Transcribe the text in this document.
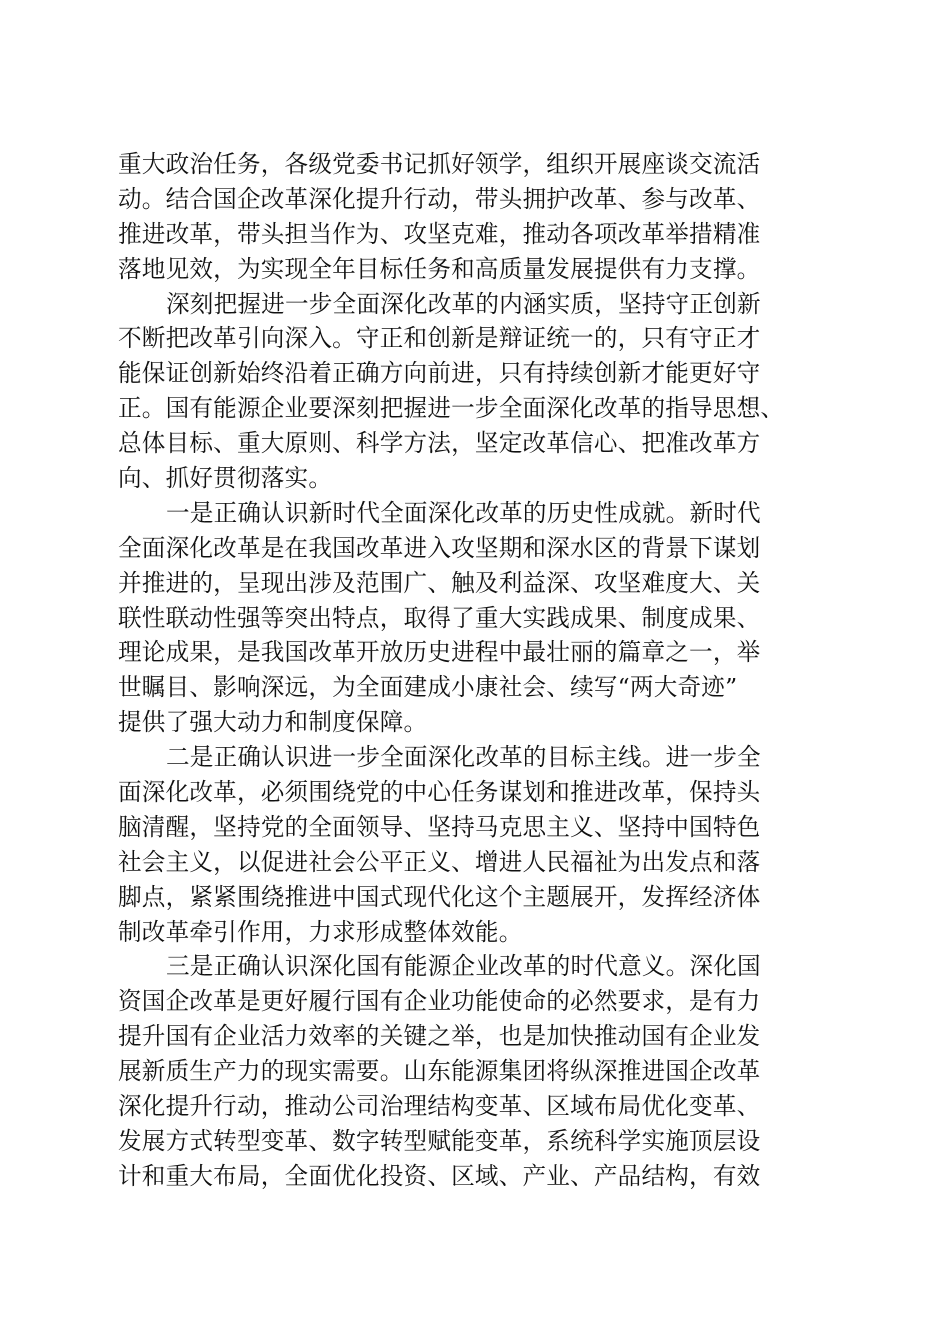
重大政治任务，各级党委书记抓好领学，组织开展座谈交流活
动。结合国企改革深化提升行动，带头拥护改革、参与改革、
推进改革，带头担当作为、攻坚克难，推动各项改革举措精准
落地见效，为实现全年目标任务和高质量发展提供有力支撑。
深刻把握进一步全面深化改革的内涵实质，坚持守正创新
不断把改革引向深入。守正和创新是辩证统一的，只有守正才
能保证创新始终沿着正确方向前进，只有持续创新才能更好守
正。国有能源企业要深刻把握进一步全面深化改革的指导思想、
总体目标、重大原则、科学方法，坚定改革信心、把准改革方
向、抓好贯彻落实。
一是正确认识新时代全面深化改革的历史性成就。新时代
全面深化改革是在我国改革进入攻坚期和深水区的背景下谋划
并推进的，呈现出涉及范围广、触及利益深、攻坚难度大、关
联性联动性强等突出特点，取得了重大实践成果、制度成果、
理论成果，是我国改革开放历史进程中最壮丽的篇章之一，举
世瞩目、影响深远，为全面建成小康社会、续写“两大奇迹”
提供了强大动力和制度保障。
二是正确认识进一步全面深化改革的目标主线。进一步全
面深化改革，必须围绕党的中心任务谋划和推进改革，保持头
脑清醒，坚持党的全面领导、坚持马克思主义、坚持中国特色
社会主义，以促进社会公平正义、增进人民福祉为出发点和落
脚点，紧紧围绕推进中国式现代化这个主题展开，发挥经济体
制改革牵引作用，力求形成整体效能。
三是正确认识深化国有能源企业改革的时代意义。深化国
资国企改革是更好履行国有企业功能使命的必然要求，是有力
提升国有企业活力效率的关键之举，也是加快推动国有企业发
展新质生产力的现实需要。山东能源集团将纵深推进国企改革
深化提升行动，推动公司治理结构变革、区域布局优化变革、
发展方式转型变革、数字转型赋能变革，系统科学实施顶层设
计和重大布局，全面优化投资、区域、产业、产品结构，有效
